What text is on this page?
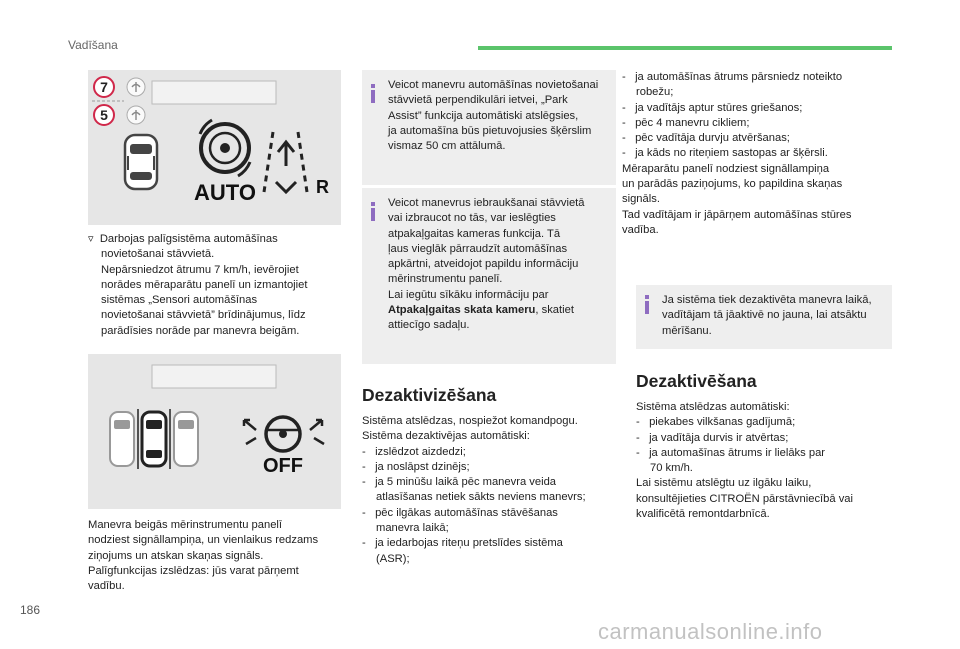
Vadīšana
7
5
AUTO	R

▿  Darbojas palīgsistēma automāšīnas

novietošanai stāvvietā.

Nepārsniedzot ātrumu 7 km/h, ievērojiet

norādes mēraparātu panelī un izmantojiet

sistēmas „Sensori automāšīnas

novietošanai stāvvietā” brīdinājumus, līdz

parādīsies norāde par manevra beigām.

OFF

Manevra beigās mērinstrumentu panelī

nodziest signāllampiņa, un vienlaikus redzams

ziņojums un atskan skaņas signāls.

Palīgfunkcijas izslēdzas: jūs varat pārņemt

vadību.

Veicot manevru automāšīnas novietošanai

stāvvietā perpendikulāri ietvei, „Park

Assist” funkcija automātiski atslēgsies,

ja automašīna būs pietuvojusies šķērslim

vismaz 50 cm attālumā.

Veicot manevrus iebraukšanai stāvvietā

vai izbraucot no tās, var ieslēgties

atpakaļgaitas kameras funkcija. Tā

ļaus vieglāk pārraudzīt automāšīnas

apkārtni, atveidojot papildu informāciju

mērinstrumentu panelī.

Lai iegūtu sīkāku informāciju par

Atpakaļgaitas skata kameru, skatiet

attiecīgo sadaļu.

Dezaktivizēšana

Sistēma atslēdzas, nospiežot komandpogu.

Sistēma dezaktivējas automātiski:

-   izslēdzot aizdedzi;

-   ja noslāpst dzinējs;

-   ja 5 minūšu laikā pēc manevra veida

atlasīšanas netiek sākts neviens manevrs;

-   pēc ilgākas automāšīnas stāvēšanas

manevra laikā;

-   ja iedarbojas riteņu pretslīdes sistēma

(ASR);

-   ja automāšīnas ātrums pārsniedz noteikto

robežu;

-   ja vadītājs aptur stūres griešanos;

-   pēc 4 manevru cikliem;

-   pēc vadītāja durvju atvēršanas;

-   ja kāds no riteņiem sastopas ar šķērsli.

Mēraparātu panelī nodziest signāllampiņa

un parādās paziņojums, ko papildina skaņas

signāls.

Tad vadītājam ir jāpārņem automāšīnas stūres

vadība.

Ja sistēma tiek dezaktivēta manevra laikā,

vadītājam tā jāaktivē no jauna, lai atsāktu

mērīšanu.

Dezaktivēšana

Sistēma atslēdzas automātiski:

-   piekabes vilkšanas gadījumā;

-   ja vadītāja durvis ir atvērtas;

-   ja automašīnas ātrums ir lielāks par

70 km/h.

Lai sistēmu atslēgtu uz ilgāku laiku,

konsultējieties CITROËN pārstāvniecībā vai

kvalificētā remontdarbnīcā.

186
carmanualsonline.info
